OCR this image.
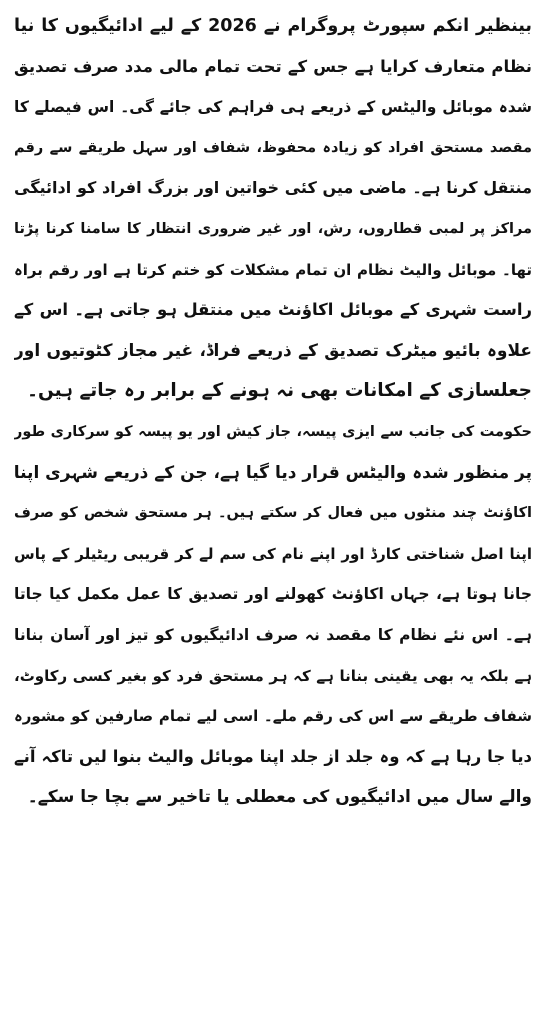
بینظیر انکم سپورٹ پروگرام نے 2026 کے لیے ادائیگیوں کا نیا
نظام متعارف کرایا ہے جس کے تحت تمام مالی مدد صرف تصدیق
شدہ موبائل والیٹس کے ذریعے ہی فراہم کی جائے گی۔ اس فیصلے کا
مقصد مستحق افراد کو زیادہ محفوظ، شفاف اور سہل طریقے سے رقم
منتقل کرنا ہے۔ ماضی میں کئی خواتین اور بزرگ افراد کو ادائیگی
مراکز پر لمبی قطاروں، رش، اور غیر ضروری انتظار کا سامنا کرنا پڑتا
تھا۔ موبائل والیٹ نظام ان تمام مشکلات کو ختم کرتا ہے اور رقم براہ
راست شہری کے موبائل اکاؤنٹ میں منتقل ہو جاتی ہے۔ اس کے
علاوہ بائیو میٹرک تصدیق کے ذریعے فراڈ، غیر مجاز کٹوتیوں اور
جعلسازی کے امکانات بھی نہ ہونے کے برابر رہ جاتے ہیں۔
حکومت کی جانب سے ایزی پیسہ، جاز کیش اور یو پیسہ کو سرکاری طور
پر منظور شدہ والیٹس قرار دیا گیا ہے، جن کے ذریعے شہری اپنا
اکاؤنٹ چند منٹوں میں فعال کر سکتے ہیں۔ ہر مستحق شخص کو صرف
اپنا اصل شناختی کارڈ اور اپنے نام کی سم لے کر قریبی ریٹیلر کے پاس
جانا ہوتا ہے، جہاں اکاؤنٹ کھولنے اور تصدیق کا عمل مکمل کیا جاتا
ہے۔ اس نئے نظام کا مقصد نہ صرف ادائیگیوں کو تیز اور آسان بنانا
ہے بلکہ یہ بھی یقینی بنانا ہے کہ ہر مستحق فرد کو بغیر کسی رکاوٹ،
شفاف طریقے سے اس کی رقم ملے۔ اسی لیے تمام صارفین کو مشورہ
دیا جا رہا ہے کہ وہ جلد از جلد اپنا موبائل والیٹ بنوا لیں تاکہ آنے
والے سال میں ادائیگیوں کی معطلی یا تاخیر سے بچا جا سکے۔
